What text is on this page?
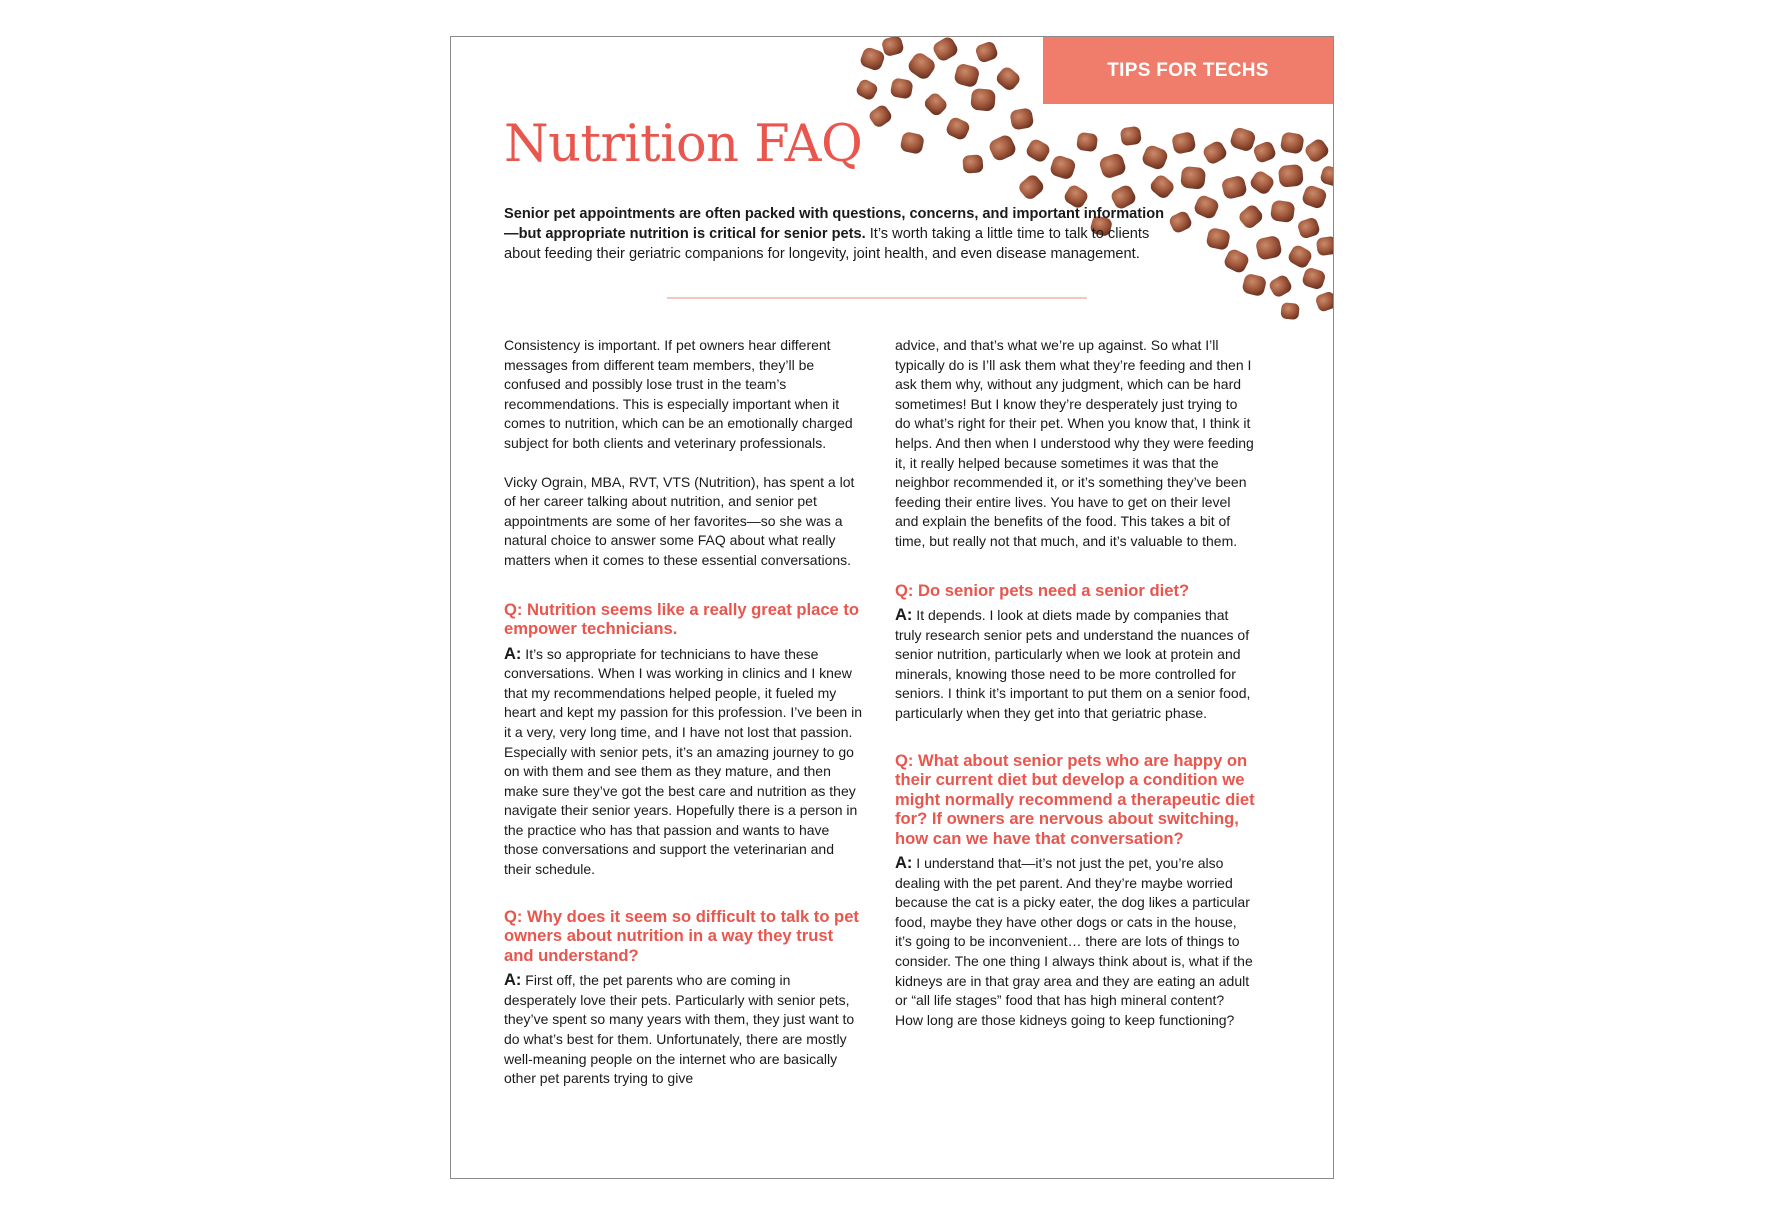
TIPS FOR TECHS
Nutrition FAQ

Senior pet appointments are often packed with questions, concerns, and important information—but appropriate nutrition is critical for senior pets. It’s worth taking a little time to talk to clients about feeding their geriatric companions for longevity, joint health, and even disease management.

Consistency is important. If pet owners hear different messages from different team members, they’ll be confused and possibly lose trust in the team’s recommendations. This is especially important when it comes to nutrition, which can be an emotionally charged subject for both clients and veterinary professionals.

Vicky Ograin, MBA, RVT, VTS (Nutrition), has spent a lot of her career talking about nutrition, and senior pet appointments are some of her favorites—so she was a natural choice to answer some FAQ about what really matters when it comes to these essential conversations.

Q: Nutrition seems like a really great place to empower technicians.

A: It’s so appropriate for technicians to have these conversations. When I was working in clinics and I knew that my recommendations helped people, it fueled my heart and kept my passion for this profession. I’ve been in it a very, very long time, and I have not lost that passion. Especially with senior pets, it’s an amazing journey to go on with them and see them as they mature, and then make sure they’ve got the best care and nutrition as they navigate their senior years. Hopefully there is a person in the practice who has that passion and wants to have those conversations and support the veterinarian and their schedule.

Q: Why does it seem so difficult to talk to pet owners about nutrition in a way they trust and understand?

A: First off, the pet parents who are coming in desperately love their pets. Particularly with senior pets, they’ve spent so many years with them, they just want to do what’s best for them. Unfortunately, there are mostly well-meaning people on the internet who are basically other pet parents trying to give

advice, and that’s what we’re up against. So what I’ll typically do is I’ll ask them what they’re feeding and then I ask them why, without any judgment, which can be hard sometimes! But I know they’re desperately just trying to do what’s right for their pet. When you know that, I think it helps. And then when I understood why they were feeding it, it really helped because sometimes it was that the neighbor recommended it, or it’s something they’ve been feeding their entire lives. You have to get on their level and explain the benefits of the food. This takes a bit of time, but really not that much, and it’s valuable to them.

Q: Do senior pets need a senior diet?

A: It depends. I look at diets made by companies that truly research senior pets and understand the nuances of senior nutrition, particularly when we look at protein and minerals, knowing those need to be more controlled for seniors. I think it’s important to put them on a senior food, particularly when they get into that geriatric phase.

Q: What about senior pets who are happy on their current diet but develop a condition we might normally recommend a therapeutic diet for? If owners are nervous about switching, how can we have that conversation?

A: I understand that—it’s not just the pet, you’re also dealing with the pet parent. And they’re maybe worried because the cat is a picky eater, the dog likes a particular food, maybe they have other dogs or cats in the house, it’s going to be inconvenient… there are lots of things to consider. The one thing I always think about is, what if the kidneys are in that gray area and they are eating an adult or “all life stages” food that has high mineral content? How long are those kidneys going to keep functioning?
